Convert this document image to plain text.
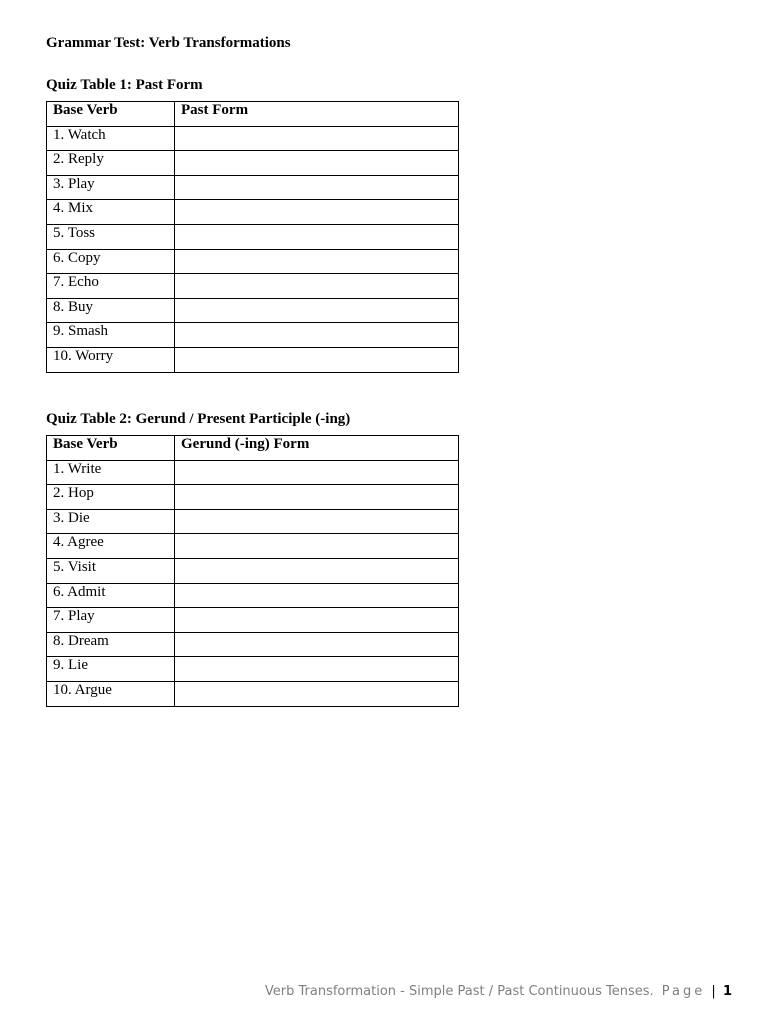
Grammar Test: Verb Transformations
Quiz Table 1: Past Form
Base Verb	Past Form
1. Watch	
2. Reply	
3. Play	
4. Mix	
5. Toss	
6. Copy	
7. Echo	
8. Buy	
9. Smash	
10. Worry	
Quiz Table 2: Gerund / Present Participle (-ing)
Base Verb	Gerund (-ing) Form
1. Write	
2. Hop	
3. Die	
4. Agree	
5. Visit	
6. Admit	
7. Play	
8. Dream	
9. Lie	
10. Argue	
Verb Transformation - Simple Past / Past Continuous Tenses. Page | 1
